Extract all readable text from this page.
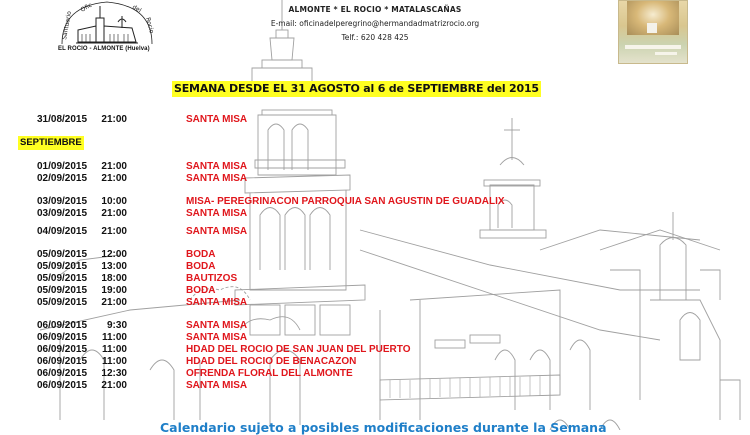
Santuario
Ofic	del
Rocio
EL ROCIO - ALMONTE (Huelva)
ALMONTE * EL ROCIO * MATALASCAÑAS
E-mail: oficinadelperegrino@hermandadmatrizrocio.org
Telf.: 620 428 425
SEMANA DESDE EL 31 AGOSTO al 6 de SEPTIEMBRE del 2015
SEPTIEMBRE
31/08/2015	21:00	SANTA MISA
01/09/2015	21:00	SANTA MISA
02/09/2015	21:00	SANTA MISA
03/09/2015	10:00	MISA- PEREGRINACON PARROQUIA SAN AGUSTIN DE GUADALIX
03/09/2015	21:00	SANTA MISA
04/09/2015	21:00	SANTA MISA
05/09/2015	12:00	BODA
05/09/2015	13:00	BODA
05/09/2015	18:00	BAUTIZOS
05/09/2015	19:00	BODA
05/09/2015	21:00	SANTA MISA
06/09/2015	9:30	SANTA MISA
06/09/2015	11:00	SANTA MISA
06/09/2015	11:00	HDAD DEL ROCIO DE SAN JUAN DEL PUERTO
06/09/2015	11:00	HDAD DEL ROCIO DE BENACAZON
06/09/2015	12:30	OFRENDA FLORAL DEL ALMONTE
06/09/2015	21:00	SANTA MISA
Calendario sujeto a posibles modificaciones durante la Semana
